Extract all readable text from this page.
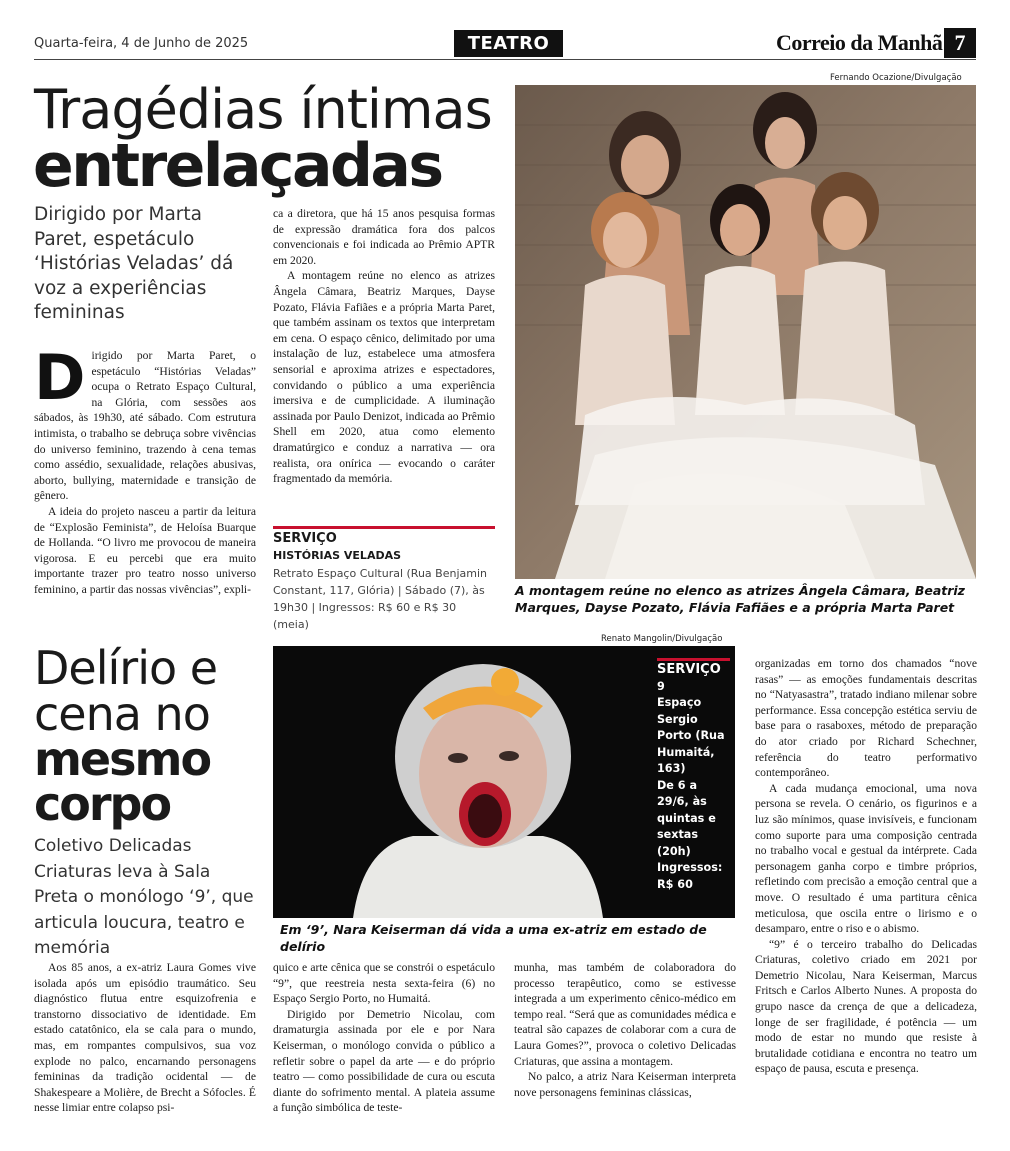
Quarta-feira, 4 de Junho de 2025	TEATRO	Correio da Manhã 7
Tragédias íntimas
entrelaçadas
Dirigido por Marta Paret, espetáculo ‘Histórias Veladas’ dá voz a experiências femininas

Dirigido por Marta Paret, o espetáculo “Histórias Veladas” ocupa o Retrato Espaço Cultural, na Glória, com sessões aos sábados, às 19h30, até sábado. Com estrutura intimista, o trabalho se debruça sobre vivências do universo feminino, trazendo à cena temas como assédio, sexualidade, relações abusivas, aborto, bullying, maternidade e transição de gênero.

A ideia do projeto nasceu a partir da leitura de “Explosão Feminista”, de Heloísa Buarque de Hollanda. “O livro me provocou de maneira vigorosa. E eu percebi que era muito importante trazer pro teatro nosso universo feminino, a partir das nossas vivências”, expli-

ca a diretora, que há 15 anos pesquisa formas de expressão dramática fora dos palcos convencionais e foi indicada ao Prêmio APTR em 2020.

A montagem reúne no elenco as atrizes Ângela Câmara, Beatriz Marques, Dayse Pozato, Flávia Fafiães e a própria Marta Paret, que também assinam os textos que interpretam em cena. O espaço cênico, delimitado por uma instalação de luz, estabelece uma atmosfera sensorial e aproxima atrizes e espectadores, convidando o público a uma experiência imersiva e de cumplicidade. A iluminação assinada por Paulo Denizot, indicada ao Prêmio Shell em 2020, atua como elemento dramatúrgico e conduz a narrativa — ora realista, ora onírica — evocando o caráter fragmentado da memória.

SERVIÇO
HISTÓRIAS VELADAS
Retrato Espaço Cultural (Rua Benjamin Constant, 117, Glória) | Sábado (7), às 19h30 | Ingressos: R$ 60 e R$ 30 (meia)
Fernando Ocazione/Divulgação
A montagem reúne no elenco as atrizes Ângela Câmara, Beatriz Marques, Dayse Pozato, Flávia Fafiães e a própria Marta Paret
Delírio e
cena no
mesmo
corpo
Coletivo Delicadas Criaturas leva à Sala Preta o monólogo ‘9’, que articula loucura, teatro e memória
Renato Mangolin/Divulgação
SERVIÇO
9
Espaço Sergio Porto (Rua Humaitá, 163)
De 6 a 29/6, às quintas e sextas (20h)
Ingressos: R$ 60
Em ‘9’, Nara Keiserman dá vida a uma ex-atriz em estado de delírio

Aos 85 anos, a ex-atriz Laura Gomes vive isolada após um episódio traumático. Seu diagnóstico flutua entre esquizofrenia e transtorno dissociativo de identidade. Em estado catatônico, ela se cala para o mundo, mas, em rompantes compulsivos, sua voz explode no palco, encarnando personagens femininas da tradição ocidental — de Shakespeare a Molière, de Brecht a Sófocles. É nesse limiar entre colapso psi-

quico e arte cênica que se constrói o espetáculo “9”, que reestreia nesta sexta-feira (6) no Espaço Sergio Porto, no Humaitá.

Dirigido por Demetrio Nicolau, com dramaturgia assinada por ele e por Nara Keiserman, o monólogo convida o público a refletir sobre o papel da arte — e do próprio teatro — como possibilidade de cura ou escuta diante do sofrimento mental. A plateia assume a função simbólica de teste-

munha, mas também de colaboradora do processo terapêutico, como se estivesse integrada a um experimento cênico-médico em tempo real. “Será que as comunidades médica e teatral são capazes de colaborar com a cura de Laura Gomes?”, provoca o coletivo Delicadas Criaturas, que assina a montagem.

No palco, a atriz Nara Keiserman interpreta nove personagens femininas clássicas,

organizadas em torno dos chamados “nove rasas” — as emoções fundamentais descritas no “Natyasastra”, tratado indiano milenar sobre performance. Essa concepção estética serviu de base para o rasaboxes, método de preparação do ator criado por Richard Schechner, referência do teatro performativo contemporâneo.

A cada mudança emocional, uma nova persona se revela. O cenário, os figurinos e a luz são mínimos, quase invisíveis, e funcionam como suporte para uma composição centrada no trabalho vocal e gestual da intérprete. Cada personagem ganha corpo e timbre próprios, refletindo com precisão a emoção central que a move. O resultado é uma partitura cênica meticulosa, que oscila entre o lirismo e o desamparo, entre o riso e o abismo.

“9” é o terceiro trabalho do Delicadas Criaturas, coletivo criado em 2021 por Demetrio Nicolau, Nara Keiserman, Marcus Fritsch e Carlos Alberto Nunes. A proposta do grupo nasce da crença de que a delicadeza, longe de ser fragilidade, é potência — um modo de estar no mundo que resiste à brutalidade cotidiana e encontra no teatro um espaço de pausa, escuta e presença.
